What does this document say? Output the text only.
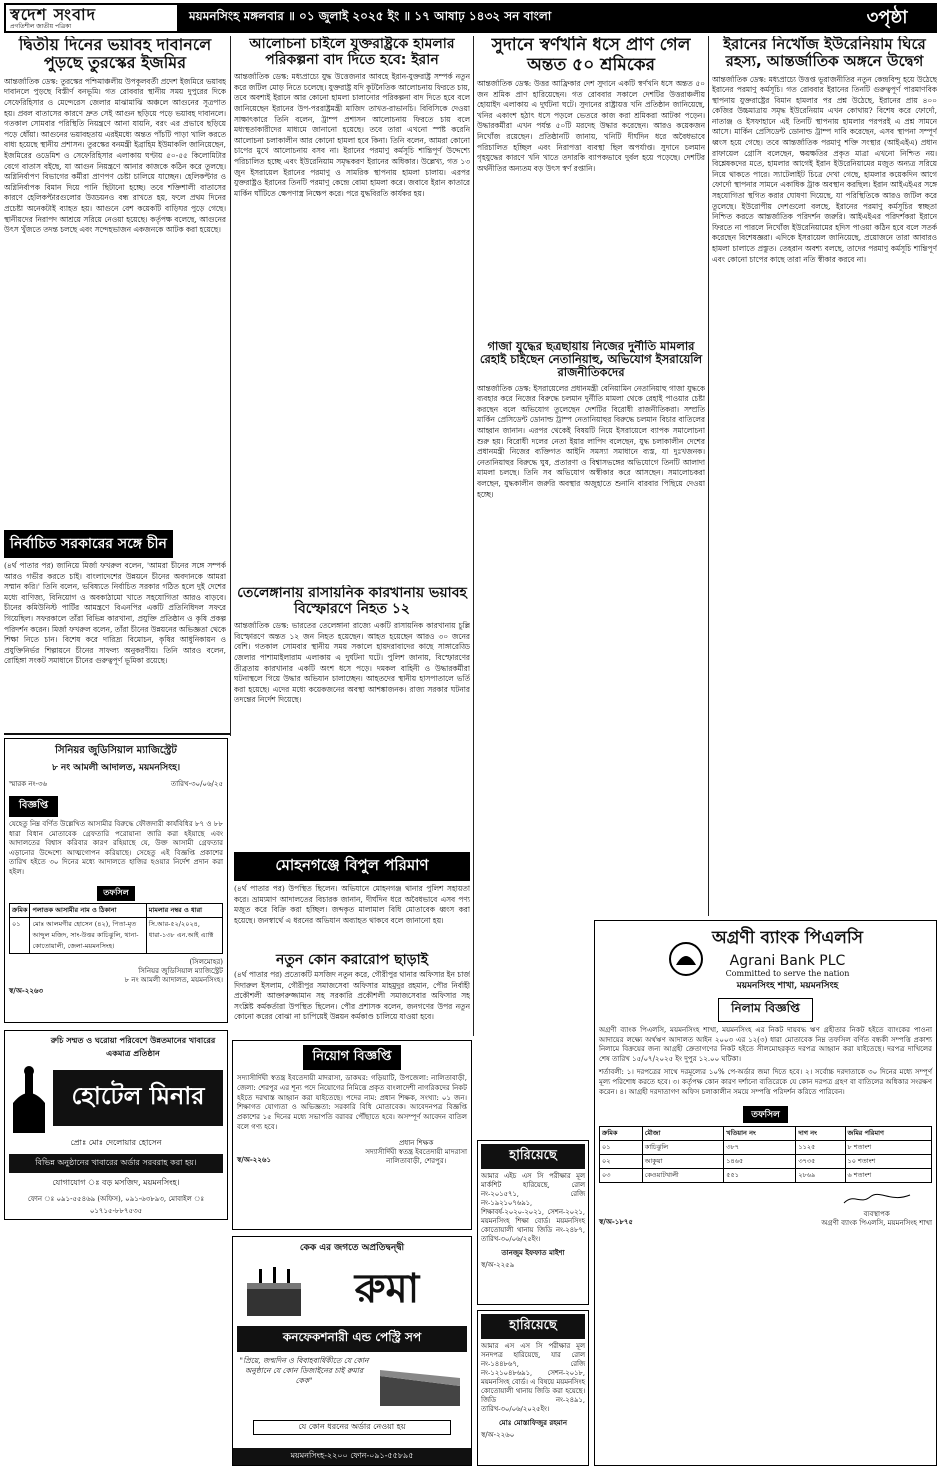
স্বদেশ সংবাদ
প্রগতিশীল জাতীয় পত্রিকা
ময়মনসিংহ মঙ্গলবার ॥ ০১ জুলাই ২০২৫ ইং ॥ ১৭ আষাঢ় ১৪৩২ সন বাংলা	৩পৃষ্ঠা
দ্বিতীয় দিনের ভয়াবহ দাবানলে পুড়ছে তুরস্কের ইজমির
আন্তর্জাতিক ডেস্ক: তুরস্কের পশ্চিমাঞ্চলীয় উপকূলবর্তী প্রদেশ ইজমিরে ভয়াবহ দাবানলে পুড়ছে বিস্তীর্ণ বনভূমি। গত রোববার স্থানীয় সময় দুপুরের দিকে সেফেরিহিসার ও মেন্দেরেস জেলার মাঝামাঝি অঞ্চলে আগুনের সূত্রপাত হয়। প্রবল বাতাসের কারণে দ্রুত সেই আগুন ছড়িয়ে পড়ে ভয়াবহ দাবানলে। গতকাল সোমবার পরিস্থিতি নিয়ন্ত্রণে আনা যায়নি, বরং এর প্রভাবে ছড়িয়ে পড়ে ধোঁয়া। আগুনের ভয়াবহতায় এরইমধ্যে অন্তত পাঁচটি পাড়া খালি করতে বাধ্য হয়েছে স্থানীয় প্রশাসন। তুরস্কের বনমন্ত্রী ইব্রাহিম ইউমাকলি জানিয়েছেন, ইজমিরের ওডেমিশ ও সেফেরিহিসার এলাকায় ঘণ্টায় ৫০-৫৫ কিলোমিটার বেগে বাতাস বইছে, যা আগুন নিয়ন্ত্রণে আনার কাজকে কঠিন করে তুলছে। অগ্নিনির্বাপণ বিভাগের কর্মীরা প্রাণপণ চেষ্টা চালিয়ে যাচ্ছেন। হেলিকপ্টার ও অগ্নিনির্বাপক বিমান দিয়ে পানি ছিটানো হচ্ছে। তবে শক্তিশালী বাতাসের কারণে হেলিকপ্টারগুলোর উড্ডয়নও বন্ধ রাখতে হয়, ফলে প্রথম দিনের প্রচেষ্টা অনেকটাই ব্যাহত হয়। আগুনে বেশ কয়েকটি বাড়িঘর পুড়ে গেছে। স্থানীয়দের নিরাপদ আশ্রয়ে সরিয়ে নেওয়া হয়েছে। কর্তৃপক্ষ বলেছে, আগুনের উৎস খুঁজতে তদন্ত চলছে এবং সন্দেহভাজন একজনকে আটক করা হয়েছে।
নির্বাচিত সরকারের সঙ্গে চীন
(৪র্থ পাতার পর) জানিয়ে মির্জা ফখরুল বলেন, 'আমরা চীনের সঙ্গে সম্পর্ক আরও গভীর করতে চাই। বাংলাদেশের উন্নয়নে চীনের অবদানকে আমরা সম্মান করি।' তিনি বলেন, ভবিষ্যতে নির্বাচিত সরকার গঠিত হলে দুই দেশের মধ্যে বাণিজ্য, বিনিয়োগ ও অবকাঠামো খাতে সহযোগিতা আরও বাড়বে। চীনের কমিউনিস্ট পার্টির আমন্ত্রণে বিএনপির একটি প্রতিনিধিদল সফরে গিয়েছিল। সফরকালে তাঁরা বিভিন্ন কারখানা, প্রযুক্তি প্রতিষ্ঠান ও কৃষি প্রকল্প পরিদর্শন করেন। মির্জা ফখরুল বলেন, তাঁরা চীনের উন্নয়নের অভিজ্ঞতা থেকে শিক্ষা নিতে চান। বিশেষ করে দারিদ্র্য বিমোচন, কৃষির আধুনিকায়ন ও প্রযুক্তিনির্ভর শিল্পায়নে চীনের সাফল্য অনুকরণীয়। তিনি আরও বলেন, রোহিঙ্গা সংকট সমাধানে চীনের গুরুত্বপূর্ণ ভূমিকা রয়েছে।
সিনিয়র জুডিসিয়াল ম্যাজিস্ট্রেট
৮ নং আমলী আদালত, ময়মনসিংহ।
স্মারক নং-৩৬	তারিখ-৩০/০৬/২৫
বিজ্ঞপ্তি
যেহেতু নিম্ন বর্ণিত উল্লেখিত আসামীর বিরুদ্ধে ফৌজদারী কার্যবিধির ৮৭ ও ৮৮ ধারা বিধান মোতাবেক গ্রেফতারি পরোয়ানা জারি করা হইয়াছে এবং আদালতের বিশ্বাস করিবার কারণ রহিয়াছে যে, উক্ত আসামী গ্রেফতার এড়ানোর উদ্দেশ্যে আত্মগোপন করিয়াছে। সেহেতু এই বিজ্ঞপ্তি প্রকাশের তারিখ হইতে ৩০ দিনের মধ্যে আদালতে হাজির হওয়ার নির্দেশ প্রদান করা হইল।
তফসিল
ক্রমিক	পলাতক আসামীর নাম ও ঠিকানা	মামলার নম্বর ও ধারা
০১	মোঃ আলমগীর হোসেন (৪২), পিতা-মৃত আব্দুল মজিদ, সাং-উত্তর কাচিঝুলি, থানা-কোতোয়ালী, জেলা-ময়মনসিংহ।	সি.আর-৫২/২০২৪, ধারা-১৩৮ এন.আই এ্যাক্ট
(সিলমোহর)
সিনিয়র জুডিসিয়াল ম্যাজিস্ট্রেট
৮ নং আমলী আদালত, ময়মনসিংহ।
স্ব/অ-২২৬৩
রুচি সম্মত ও ঘরোয়া পরিবেশে উন্নতমানের খাবারের একমাত্র প্রতিষ্ঠান
হোটেল মিনার
প্রোঃ মোঃ দেলোয়ার হোসেন
বিভিন্ন অনুষ্ঠানের খাবারের অর্ডার সরবরাহ করা হয়।
যোগাযোগ ঃ বড় মসজিদ, ময়মনসিংহ।
ফোন ঃ ০৯১-৫৫৪৬৯ (অফিস), ০৯১-৬৩৮৯৩, মোবাইল ঃ ০১৭১৫-৮৮৭৫৩৫
আলোচনা চাইলে যুক্তরাষ্ট্রকে হামলার পরিকল্পনা বাদ দিতে হবে: ইরান
আন্তর্জাতিক ডেস্ক: মধ্যপ্রাচ্যে যুদ্ধ উত্তেজনার আবহে ইরান-যুক্তরাষ্ট্র সম্পর্ক নতুন করে জটিল মোড় নিতে চলেছে। যুক্তরাষ্ট্র যদি কূটনৈতিক আলোচনায় ফিরতে চায়, তবে অবশ্যই ইরানে আর কোনো হামলা চালানোর পরিকল্পনা বাদ দিতে হবে বলে জানিয়েছেন ইরানের উপ-পররাষ্ট্রমন্ত্রী মাজিদ তাখত-রাভানচি। বিবিসিকে দেওয়া সাক্ষাৎকারে তিনি বলেন, ট্রাম্প প্রশাসন আলোচনায় ফিরতে চায় বলে মধ্যস্থতাকারীদের মাধ্যমে জানানো হয়েছে। তবে তারা এখনো স্পষ্ট করেনি আলোচনা চলাকালীন আর কোনো হামলা হবে কিনা। তিনি বলেন, আমরা কোনো চাপের মুখে আলোচনায় বসব না। ইরানের পরমাণু কর্মসূচি শান্তিপূর্ণ উদ্দেশ্যে পরিচালিত হচ্ছে এবং ইউরেনিয়াম সমৃদ্ধকরণ ইরানের অধিকার। উল্লেখ্য, গত ১৩ জুন ইসরায়েল ইরানের পরমাণু ও সামরিক স্থাপনায় হামলা চালায়। এরপর যুক্তরাষ্ট্রও ইরানের তিনটি পরমাণু কেন্দ্রে বোমা হামলা করে। জবাবে ইরান কাতারে মার্কিন ঘাঁটিতে ক্ষেপণাস্ত্র নিক্ষেপ করে। পরে যুদ্ধবিরতি কার্যকর হয়।
তেলেঙ্গানায় রাসায়নিক কারখানায় ভয়াবহ বিস্ফোরণে নিহত ১২
আন্তর্জাতিক ডেস্ক: ভারতের তেলেঙ্গানা রাজ্যে একটি রাসায়নিক কারখানায় চুল্লি বিস্ফোরণে অন্তত ১২ জন নিহত হয়েছেন। আহত হয়েছেন আরও ৩০ জনের বেশি। গতকাল সোমবার স্থানীয় সময় সকালে হায়দরাবাদের কাছে সাঙ্গারেড্ডি জেলার পাশামাইলারাম এলাকায় এ দুর্ঘটনা ঘটে। পুলিশ জানায়, বিস্ফোরণের তীব্রতায় কারখানার একটি অংশ ধসে পড়ে। দমকল বাহিনী ও উদ্ধারকর্মীরা ঘটনাস্থলে গিয়ে উদ্ধার অভিযান চালাচ্ছেন। আহতদের স্থানীয় হাসপাতালে ভর্তি করা হয়েছে। এদের মধ্যে কয়েকজনের অবস্থা আশঙ্কাজনক। রাজ্য সরকার ঘটনার তদন্তের নির্দেশ দিয়েছে।
মোহনগঞ্জে বিপুল পরিমাণ
(৪র্থ পাতার পর) উপস্থিত ছিলেন। অভিযানে মোহনগঞ্জ থানার পুলিশ সহায়তা করে। ভ্রাম্যমাণ আদালতের বিচারক জানান, দীর্ঘদিন ধরে অবৈধভাবে এসব পণ্য মজুত করে বিক্রি করা হচ্ছিল। জব্দকৃত মালামাল বিধি মোতাবেক ধ্বংস করা হয়েছে। জনস্বার্থে এ ধরনের অভিযান অব্যাহত থাকবে বলে জানানো হয়।
নতুন কোন করারোপ ছাড়াই
(৪র্থ পাতার পর) প্রত্যেকটি মসজিদ নতুন করে, গৌরীপুর থানার অফিসার ইন চার্জ দিদারুল ইসলাম, গৌরীপুর সমাজসেবা অফিসার মাহমুদুর রহমান, পৌর নির্বাহী প্রকৌশলী আক্তারুজ্জামান সহ সরকারি প্রকৌশলী সমাজসেবার অফিসার সহ সংশ্লিষ্ট কর্মকর্তারা উপস্থিত ছিলেন। পৌর প্রশাসক বলেন, জনগণের উপর নতুন কোনো করের বোঝা না চাপিয়েই উন্নয়ন কর্মকাণ্ড চালিয়ে যাওয়া হবে।
নিয়োগ বিজ্ঞপ্তি
সদ্যাসীর্দিঘী স্বতন্ত্র ইবতেদায়ী মাদরাসা, ডাকঘর: গড়িয়াটি, উপজেলা: নালিতাবাড়ী, জেলা: শেরপুর এর শূন্য পদে নিয়োগের নিমিত্তে প্রকৃত বাংলাদেশী নাগরিকদের নিকট হইতে দরখাস্ত আহ্বান করা যাইতেছে। পদের নাম: প্রধান শিক্ষক, সংখ্যা: ০১ জন। শিক্ষাগত যোগ্যতা ও অভিজ্ঞতা: সরকারি বিধি মোতাবেক। আবেদনপত্র বিজ্ঞপ্তি প্রকাশের ১৫ দিনের মধ্যে সভাপতি বরাবর পৌঁছাতে হবে। অসম্পূর্ণ আবেদন বাতিল বলে গণ্য হবে।
স্ব/অ-২২৬১
প্রধান শিক্ষক
সদ্যাসীর্দিঘী স্বতন্ত্র ইবতেদায়ী মাদরাসা
নালিতাবাড়ী, শেরপুর।
কেক এর জগতে অপ্রতিদ্বন্দ্বী
রুমা
কনফেকশনারী এন্ড পেস্ট্রি সপ
"প্রিয়ে, জন্মদিন ও বিবাহবার্ষিকীতে যে কোন অনুষ্ঠানে যে কোন ডিজাইনের চাই রুমার কেক"
যে কোন ধরনের অর্ডার নেওয়া হয়
ময়মনসিংহ-২২০০ ফোন-০৯১-৫৫৮৯৫
সুদানে স্বর্ণখনি ধসে প্রাণ গেল অন্তত ৫০ শ্রমিকের
আন্তর্জাতিক ডেস্ক: উত্তর আফ্রিকার দেশ সুদানে একটি স্বর্ণখনি ধসে অন্তত ৫০ জন শ্রমিক প্রাণ হারিয়েছেন। গত রোববার সকালে দেশটির উত্তরাঞ্চলীয় হোয়াইদ এলাকায় এ দুর্ঘটনা ঘটে। সুদানের রাষ্ট্রায়ত্ত খনি প্রতিষ্ঠান জানিয়েছে, খনির একাংশ হঠাৎ ধসে পড়লে ভেতরে কাজ করা শ্রমিকরা আটকা পড়েন। উদ্ধারকর্মীরা এখন পর্যন্ত ৫০টি মরদেহ উদ্ধার করেছেন। আরও কয়েকজন নিখোঁজ রয়েছেন। প্রতিষ্ঠানটি জানায়, খনিটি দীর্ঘদিন ধরে অবৈধভাবে পরিচালিত হচ্ছিল এবং নিরাপত্তা ব্যবস্থা ছিল অপর্যাপ্ত। সুদানে চলমান গৃহযুদ্ধের কারণে খনি খাতে তদারকি ব্যাপকভাবে দুর্বল হয়ে পড়েছে। দেশটির অর্থনীতির অন্যতম বড় উৎস স্বর্ণ রপ্তানি।
গাজা যুদ্ধের ছত্রছায়ায় নিজের দুর্নীতি মামলার রেহাই চাইছেন নেতানিয়াহু, অভিযোগ ইসরায়েলি রাজনীতিকদের
আন্তর্জাতিক ডেস্ক: ইসরায়েলের প্রধানমন্ত্রী বেনিয়ামিন নেতানিয়াহু গাজা যুদ্ধকে ব্যবহার করে নিজের বিরুদ্ধে চলমান দুর্নীতি মামলা থেকে রেহাই পাওয়ার চেষ্টা করছেন বলে অভিযোগ তুলেছেন দেশটির বিরোধী রাজনীতিকরা। সম্প্রতি মার্কিন প্রেসিডেন্ট ডোনাল্ড ট্রাম্প নেতানিয়াহুর বিরুদ্ধে চলমান বিচার বাতিলের আহ্বান জানান। এরপর থেকেই বিষয়টি নিয়ে ইসরায়েলে ব্যাপক সমালোচনা শুরু হয়। বিরোধী দলের নেতা ইয়ার লাপিদ বলেছেন, যুদ্ধ চলাকালীন দেশের প্রধানমন্ত্রী নিজের ব্যক্তিগত আইনি সমস্যা সমাধানে ব্যস্ত, যা দুঃখজনক। নেতানিয়াহুর বিরুদ্ধে ঘুষ, প্রতারণা ও বিশ্বাসভঙ্গের অভিযোগে তিনটি আলাদা মামলা চলছে। তিনি সব অভিযোগ অস্বীকার করে আসছেন। সমালোচকরা বলছেন, যুদ্ধকালীন জরুরি অবস্থার অজুহাতে শুনানি বারবার পিছিয়ে দেওয়া হচ্ছে।
হারিয়েছে
আমার এইচ এস সি পরীক্ষার মূল মার্কশিট হারিয়েছে, রোল নং-২০১৫৭১, রেজি নং-১৯২১০৭৬৯১, শিক্ষাবর্ষ-২০২০-২০২১, সেশন-২০২১, ময়মনসিংহ শিক্ষা বোর্ড। ময়মনসিংহ কোতোয়ালী থানায় জিডি নং-২৪৮৭, তারিখ-৩০/০৬/২৫ইং।
তানজুম ইফফাত মাইশা
স্ব/অ-২২৫৯
হারিয়েছে
আমার এস এস সি পরীক্ষার মূল সনদপত্র হারিয়েছে, যার রোল নং-১৪৪৮৬৭, রেজি নং-১২১০৪৮৬৯১, সেশন-২০১৮, ময়মনসিংহ বোর্ড। এ বিষয়ে ময়মনসিংহ কোতোয়ালী থানায় জিডি করা হয়েছে। জিডি নং-২৪৯১, তারিখ-৩০/০৬/২০২৫ইং।
মোঃ মোস্তাফিজুর রহমান
স্ব/অ-২২৬০
ইরানের নিখোঁজ ইউরেনিয়াম ঘিরে রহস্য, আন্তর্জাতিক অঙ্গনে উদ্বেগ
আন্তর্জাতিক ডেস্ক: মধ্যপ্রাচ্যে উত্তপ্ত ভূরাজনীতির নতুন কেন্দ্রবিন্দু হয়ে উঠেছে ইরানের পরমাণু কর্মসূচি। গত রোববার ইরানের তিনটি গুরুত্বপূর্ণ পারমাণবিক স্থাপনায় যুক্তরাষ্ট্রের বিমান হামলার পর প্রশ্ন উঠেছে, ইরানের প্রায় ৪০০ কেজির উচ্চমাত্রায় সমৃদ্ধ ইউরেনিয়াম এখন কোথায়? বিশেষ করে ফোর্দো, নাতাঞ্জ ও ইসফাহানে এই তিনটি স্থাপনায় হামলার পরপরই এ প্রশ্ন সামনে আসে। মার্কিন প্রেসিডেন্ট ডোনাল্ড ট্রাম্প দাবি করেছেন, এসব স্থাপনা সম্পূর্ণ ধ্বংস হয়ে গেছে। তবে আন্তর্জাতিক পরমাণু শক্তি সংস্থার (আইএইএ) প্রধান রাফায়েল গ্রোসি বলেছেন, ক্ষয়ক্ষতির প্রকৃত মাত্রা এখনো নিশ্চিত নয়। বিশ্লেষকদের মতে, হামলার আগেই ইরান ইউরেনিয়ামের মজুত অন্যত্র সরিয়ে নিয়ে থাকতে পারে। স্যাটেলাইট চিত্রে দেখা গেছে, হামলার কয়েকদিন আগে ফোর্দো স্থাপনার সামনে একাধিক ট্রাক অবস্থান করছিল। ইরান আইএইএর সঙ্গে সহযোগিতা স্থগিত করার ঘোষণা দিয়েছে, যা পরিস্থিতিকে আরও জটিল করে তুলেছে। ইউরোপীয় দেশগুলো বলছে, ইরানের পরমাণু কর্মসূচির স্বচ্ছতা নিশ্চিত করতে আন্তর্জাতিক পরিদর্শন জরুরি। আইএইএর পরিদর্শকরা ইরানে ফিরতে না পারলে নিখোঁজ ইউরেনিয়ামের হদিস পাওয়া কঠিন হবে বলে সতর্ক করেছেন বিশেষজ্ঞরা। এদিকে ইসরায়েল জানিয়েছে, প্রয়োজনে তারা আবারও হামলা চালাতে প্রস্তুত। তেহরান অবশ্য বলছে, তাদের পরমাণু কর্মসূচি শান্তিপূর্ণ এবং কোনো চাপের কাছে তারা নতি স্বীকার করবে না।
অগ্রণী ব্যাংক পিএলসি
Agrani Bank PLC
Committed to serve the nation
ময়মনসিংহ শাখা, ময়মনসিংহ
নিলাম বিজ্ঞপ্তি
অগ্রণী ব্যাংক পিএলসি, ময়মনসিংহ শাখা, ময়মনসিংহ এর নিকট দায়বদ্ধ ঋণ গ্রহীতার নিকট হইতে ব্যাংকের পাওনা আদায়ের লক্ষ্যে অর্থঋণ আদালত আইন ২০০৩ এর ১২(৩) ধারা মোতাবেক নিম্ন তফসিল বর্ণিত বন্ধকী সম্পত্তি প্রকাশ্য নিলামে বিক্রয়ের জন্য আগ্রহী ক্রেতাগণের নিকট হইতে সীলমোহরকৃত দরপত্র আহ্বান করা যাইতেছে। দরপত্র দাখিলের শেষ তারিখ ১৫/০৭/২০২৫ ইং দুপুর ১২.০০ ঘটিকা।
শর্তাবলী: ১। দরপত্রের সাথে দরমূল্যের ১০% পে-অর্ডার জমা দিতে হবে। ২। সর্বোচ্চ দরদাতাকে ৩০ দিনের মধ্যে সম্পূর্ণ মূল্য পরিশোধ করতে হবে। ৩। কর্তৃপক্ষ কোন কারণ দর্শানো ব্যতিরেকে যে কোন দরপত্র গ্রহণ বা বাতিলের অধিকার সংরক্ষণ করেন। ৪। আগ্রহী দরদাতাগণ অফিস চলাকালীন সময়ে সম্পত্তি পরিদর্শন করিতে পারিবেন।
তফসিল
ক্রমিক	মৌজা	খতিয়ান নং	দাগ নং	জমির পরিমাণ
০১	কাচিঝুলি	৩৮৭	১১২৫	৮ শতাংশ
০২	আকুয়া	১৪৬৫	৩৭৩৫	১০ শতাংশ
০৩	কেওয়াটখালী	৫৫১	২৮৬৯	৬ শতাংশ
স্ব/অ-১৮৭৫
ব্যবস্থাপক
অগ্রণী ব্যাংক পিএলসি, ময়মনসিংহ শাখা
